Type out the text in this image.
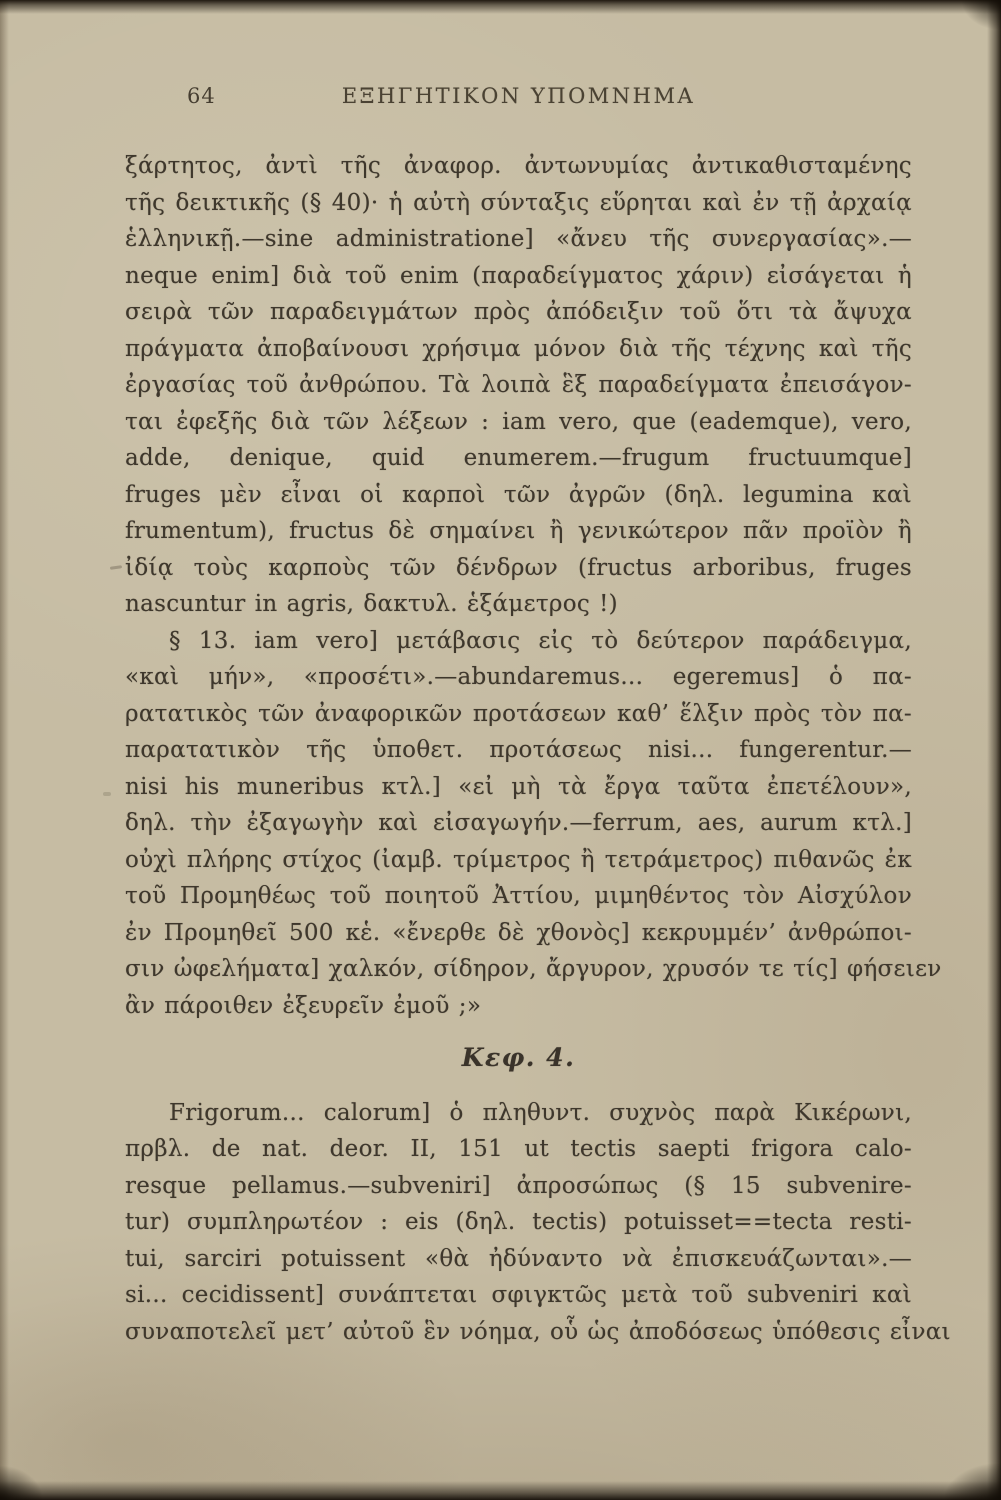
64	ΕΞΗΓΗΤΙΚΟΝ ΥΠΟΜΝΗΜΑ
ξάρτητος, ἀντὶ τῆς ἀναφορ. ἀντωνυμίας ἀντικαθισταμένης
τῆς δεικτικῆς (§ 40)· ἡ αὐτὴ σύνταξις εὕρηται καὶ ἐν τῇ ἀρχαίᾳ
ἑλληνικῇ.—sine administratione] «ἄνευ τῆς συνεργασίας».—
neque enim] διὰ τοῦ enim (παραδείγματος χάριν) εἰσάγεται ἡ
σειρὰ τῶν παραδειγμάτων πρὸς ἀπόδειξιν τοῦ ὅτι τὰ ἄψυχα
πράγματα ἀποβαίνουσι χρήσιμα μόνον διὰ τῆς τέχνης καὶ τῆς
ἐργασίας τοῦ ἀνθρώπου. Τὰ λοιπὰ ἓξ παραδείγματα ἐπεισάγον-
ται ἐφεξῆς διὰ τῶν λέξεων : iam vero, que (eademque), vero,
adde, denique, quid enumerem.—frugum fructuumque]
fruges μὲν εἶναι οἱ καρποὶ τῶν ἀγρῶν (δηλ. legumina καὶ
frumentum), fructus δὲ σημαίνει ἢ γενικώτερον πᾶν προϊὸν ἢ
ἰδίᾳ τοὺς καρποὺς τῶν δένδρων (fructus arboribus, fruges
nascuntur in agris, δακτυλ. ἑξάμετρος !)
§ 13. iam vero] μετάβασις εἰς τὸ δεύτερον παράδειγμα,
«καὶ μήν», «προσέτι».—abundaremus... egeremus] ὁ πα-
ρατατικὸς τῶν ἀναφορικῶν προτάσεων καθ’ ἕλξιν πρὸς τὸν πα-
παρατατικὸν τῆς ὑποθετ. προτάσεως nisi... fungerentur.—
nisi his muneribus κτλ.] «εἰ μὴ τὰ ἔργα ταῦτα ἐπετέλουν»,
δηλ. τὴν ἐξαγωγὴν καὶ εἰσαγωγήν.—ferrum, aes, aurum κτλ.]
οὐχὶ πλήρης στίχος (ἰαμβ. τρίμετρος ἢ τετράμετρος) πιθανῶς ἐκ
τοῦ Προμηθέως τοῦ ποιητοῦ Ἀττίου, μιμηθέντος τὸν Αἰσχύλον
ἐν Προμηθεῖ 500 κἑ. «ἔνερθε δὲ χθονὸς] κεκρυμμέν’ ἀνθρώποι-
σιν ὠφελήματα] χαλκόν, σίδηρον, ἄργυρον, χρυσόν τε τίς] φήσειεν
ἂν πάροιθεν ἐξευρεῖν ἐμοῦ ;»
Κεφ. 4.
Frigorum... calorum] ὁ πληθυντ. συχνὸς παρὰ Κικέρωνι,
πρβλ. de nat. deor. II, 151 ut tectis saepti frigora calo-
resque pellamus.—subveniri] ἀπροσώπως (§ 15 subvenire-
tur) συμπληρωτέον : eis (δηλ. tectis) potuisset==tecta resti-
tui, sarciri potuissent «θὰ ἠδύναντο νὰ ἐπισκευάζωνται».—
si... cecidissent] συνάπτεται σφιγκτῶς μετὰ τοῦ subveniri καὶ
συναποτελεῖ μετ’ αὐτοῦ ἓν νόημα, οὗ ὡς ἀποδόσεως ὑπόθεσις εἶναι
